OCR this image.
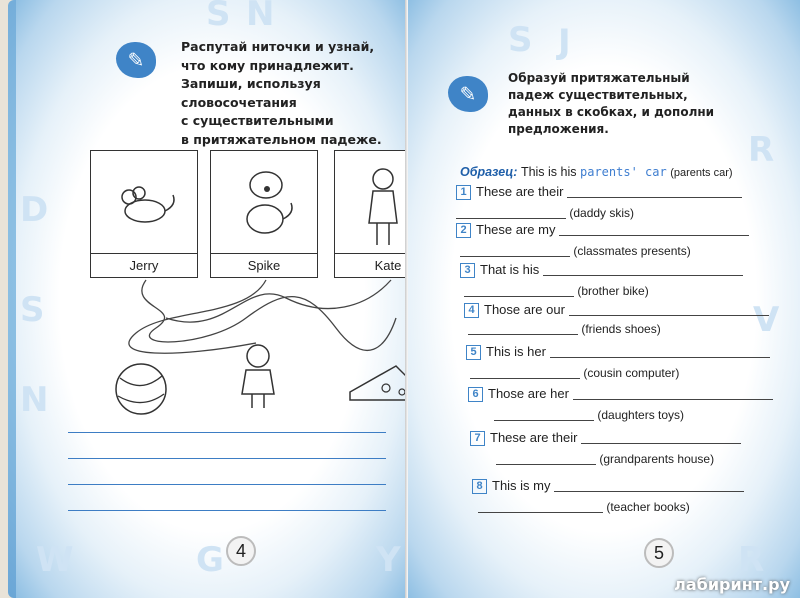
S N
D
S
N
W	G	Y
✎
Распутай ниточки и узнай,
что кому принадлежит.
Запиши, используя словосочетания
с существительными
в притяжательном падеже.
Jerry	Spike	Kate
4
S J
R
V
R
✎
Образуй притяжательный
падеж существительных,
данных в скобках, и дополни
предложения.
Образец: This is his parents' car (parents car)
1 These are their
(daddy skis)
2 These are my
(classmates presents)
3 That is his
(brother bike)
4 Those are our
(friends shoes)
5 This is her
(cousin computer)
6 Those are her
(daughters toys)
7 These are their
(grandparents house)
8 This is my
(teacher books)
5
лабиринт.ру
